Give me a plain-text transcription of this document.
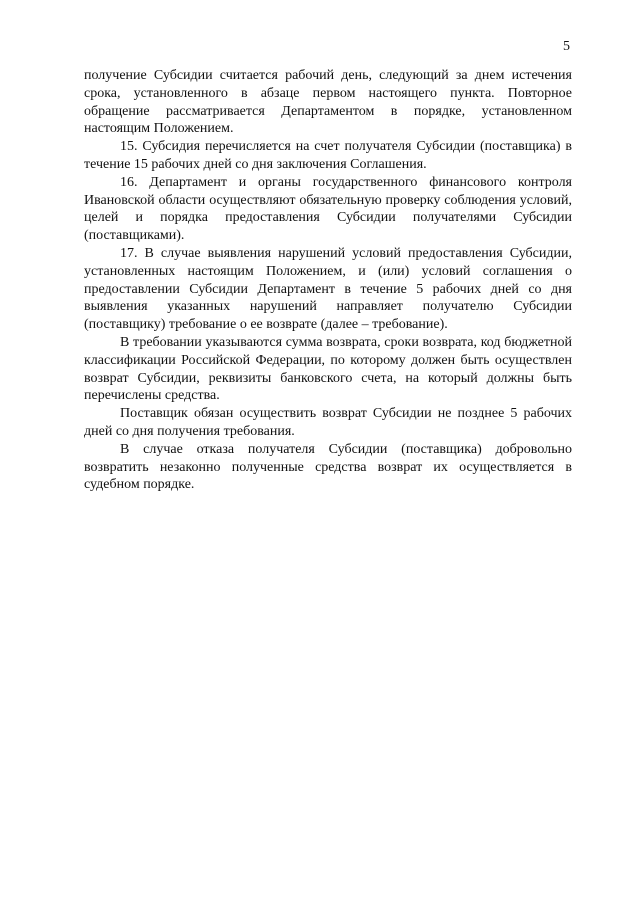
5

получение Субсидии считается рабочий день, следующий за днем истечения срока, установленного в абзаце первом настоящего пункта. Повторное обращение рассматривается Департаментом в порядке, установленном настоящим Положением.

15. Субсидия перечисляется на счет получателя Субсидии (поставщика) в течение 15 рабочих дней со дня заключения Соглашения.

16. Департамент и органы государственного финансового контроля Ивановской области осуществляют обязательную проверку соблюдения условий, целей и порядка предоставления Субсидии получателями Субсидии (поставщиками).

17. В случае выявления нарушений условий предоставления Субсидии, установленных настоящим Положением, и (или) условий соглашения о предоставлении Субсидии Департамент в течение 5 рабочих дней со дня выявления указанных нарушений направляет получателю Субсидии (поставщику) требование о ее возврате (далее – требование).

В требовании указываются сумма возврата, сроки возврата, код бюджетной классификации Российской Федерации, по которому должен быть осуществлен возврат Субсидии, реквизиты банковского счета, на который должны быть перечислены средства.

Поставщик обязан осуществить возврат Субсидии не позднее 5 рабочих дней со дня получения требования.

В случае отказа получателя Субсидии (поставщика) добровольно возвратить незаконно полученные средства возврат их осуществляется в судебном порядке.
